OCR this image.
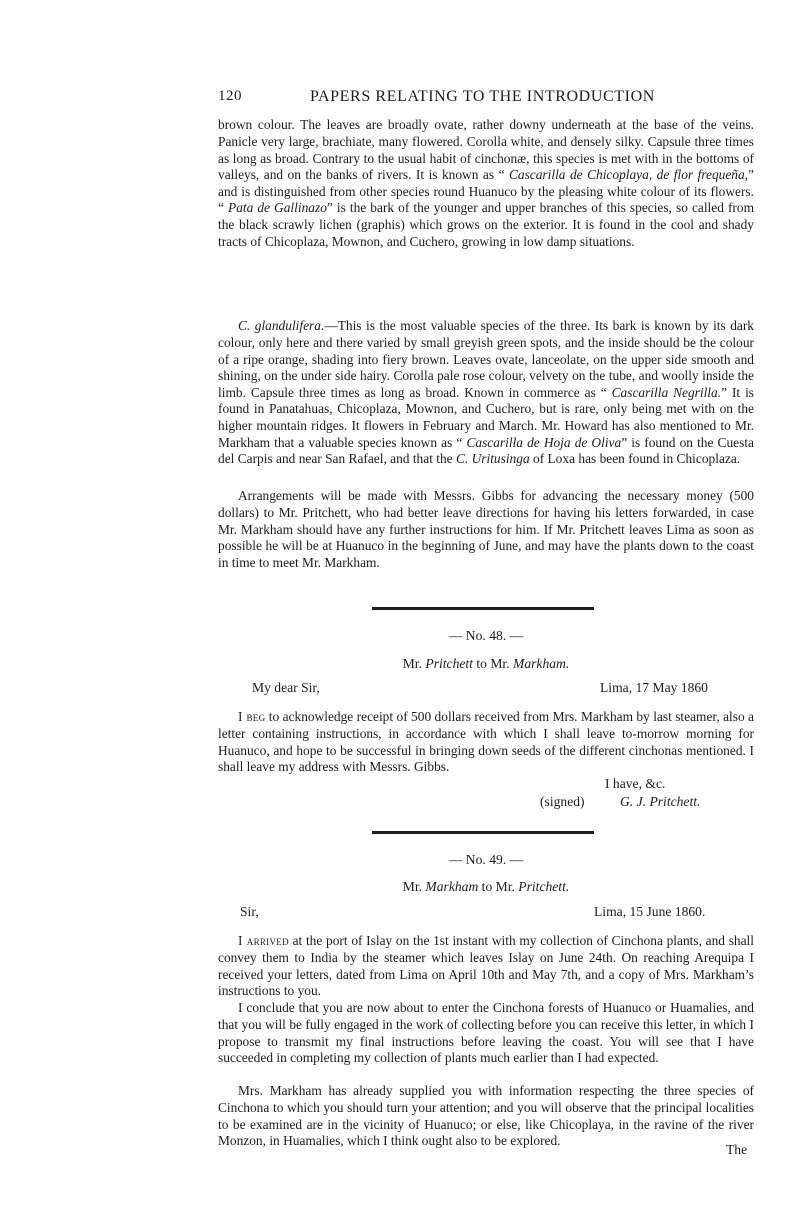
120	PAPERS RELATING TO THE INTRODUCTION

brown colour. The leaves are broadly ovate, rather downy underneath at the base of the veins. Panicle very large, brachiate, many flowered. Corolla white, and densely silky. Capsule three times as long as broad. Contrary to the usual habit of cinchonæ, this species is met with in the bottoms of valleys, and on the banks of rivers. It is known as “ Cascarilla de Chicoplaya, de flor frequeña,” and is distinguished from other species round Huanuco by the pleasing white colour of its flowers. “ Pata de Gallinazo” is the bark of the younger and upper branches of this species, so called from the black scrawly lichen (graphis) which grows on the exterior. It is found in the cool and shady tracts of Chicoplaza, Mownon, and Cuchero, growing in low damp situations.

C. glandulifera.—This is the most valuable species of the three. Its bark is known by its dark colour, only here and there varied by small greyish green spots, and the inside should be the colour of a ripe orange, shading into fiery brown. Leaves ovate, lanceolate, on the upper side smooth and shining, on the under side hairy. Corolla pale rose colour, velvety on the tube, and woolly inside the limb. Capsule three times as long as broad. Known in commerce as “ Cascarilla Negrilla.” It is found in Panatahuas, Chicoplaza, Mownon, and Cuchero, but is rare, only being met with on the higher mountain ridges. It flowers in February and March. Mr. Howard has also mentioned to Mr. Markham that a valuable species known as “ Cascarilla de Hoja de Oliva” is found on the Cuesta del Carpis and near San Rafael, and that the C. Uritusinga of Loxa has been found in Chicoplaza.

Arrangements will be made with Messrs. Gibbs for advancing the necessary money (500 dollars) to Mr. Pritchett, who had better leave directions for having his letters forwarded, in case Mr. Markham should have any further instructions for him. If Mr. Pritchett leaves Lima as soon as possible he will be at Huanuco in the beginning of June, and may have the plants down to the coast in time to meet Mr. Markham.

— No. 48. —
Mr. Pritchett to Mr. Markham.
My dear Sir,	Lima, 17 May 1860

I beg to acknowledge receipt of 500 dollars received from Mrs. Markham by last steamer, also a letter containing instructions, in accordance with which I shall leave to-morrow morning for Huanuco, and hope to be successful in bringing down seeds of the different cinchonas mentioned. I shall leave my address with Messrs. Gibbs.

I have, &c.
(signed)	G. J. Pritchett.
— No. 49. —
Mr. Markham to Mr. Pritchett.
Sir,	Lima, 15 June 1860.

I arrived at the port of Islay on the 1st instant with my collection of Cinchona plants, and shall convey them to India by the steamer which leaves Islay on June 24th. On reaching Arequipa I received your letters, dated from Lima on April 10th and May 7th, and a copy of Mrs. Markham’s instructions to you.

I conclude that you are now about to enter the Cinchona forests of Huanuco or Huamalies, and that you will be fully engaged in the work of collecting before you can receive this letter, in which I propose to transmit my final instructions before leaving the coast. You will see that I have succeeded in completing my collection of plants much earlier than I had expected.

Mrs. Markham has already supplied you with information respecting the three species of Cinchona to which you should turn your attention; and you will observe that the principal localities to be examined are in the vicinity of Huanuco; or else, like Chicoplaya, in the ravine of the river Monzon, in Huamalies, which I think ought also to be explored.

The
